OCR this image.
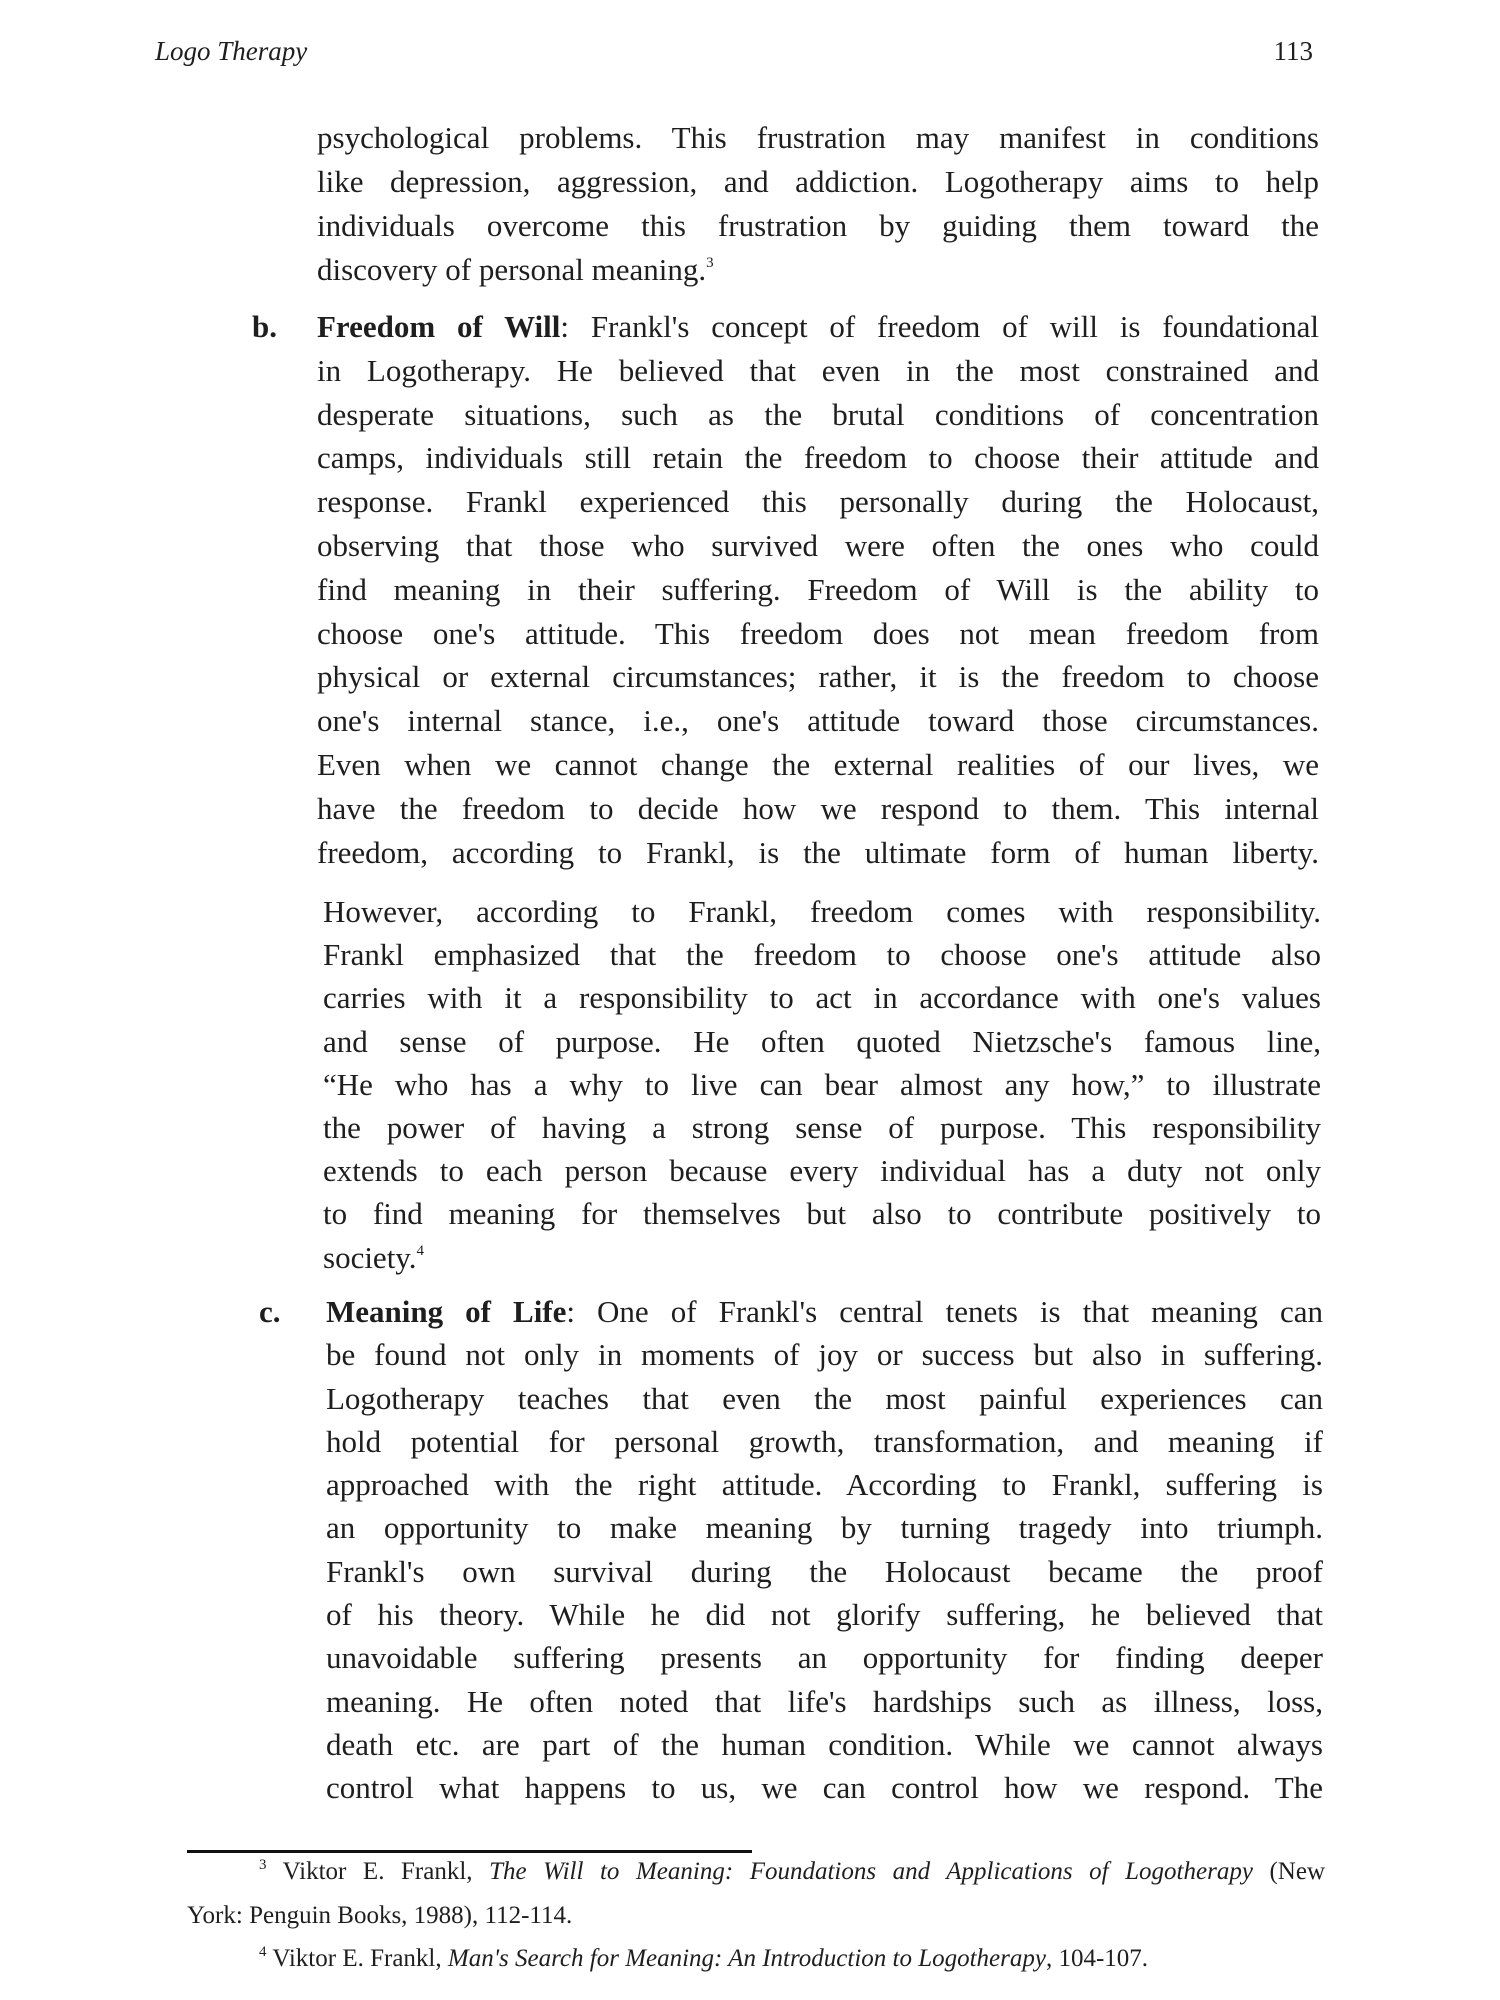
Logo Therapy	113
psychological problems. This frustration may manifest in conditions
like depression, aggression, and addiction. Logotherapy aims to help
individuals overcome this frustration by guiding them toward the
discovery of personal meaning.$^3$
b. Freedom of Will: Frankl's concept of freedom of will is foundational
in Logotherapy. He believed that even in the most constrained and
desperate situations, such as the brutal conditions of concentration
camps, individuals still retain the freedom to choose their attitude and
response. Frankl experienced this personally during the Holocaust,
observing that those who survived were often the ones who could
find meaning in their suffering. Freedom of Will is the ability to
choose one's attitude. This freedom does not mean freedom from
physical or external circumstances; rather, it is the freedom to choose
one's internal stance, i.e., one's attitude toward those circumstances.
Even when we cannot change the external realities of our lives, we
have the freedom to decide how we respond to them. This internal
freedom, according to Frankl, is the ultimate form of human liberty.
However, according to Frankl, freedom comes with responsibility.
Frankl emphasized that the freedom to choose one's attitude also
carries with it a responsibility to act in accordance with one's values
and sense of purpose. He often quoted Nietzsche's famous line,
“He who has a why to live can bear almost any how,” to illustrate
the power of having a strong sense of purpose. This responsibility
extends to each person because every individual has a duty not only
to find meaning for themselves but also to contribute positively to
society.$^4$
c. Meaning of Life: One of Frankl's central tenets is that meaning can
be found not only in moments of joy or success but also in suffering.
Logotherapy teaches that even the most painful experiences can
hold potential for personal growth, transformation, and meaning if
approached with the right attitude. According to Frankl, suffering is
an opportunity to make meaning by turning tragedy into triumph.
Frankl's own survival during the Holocaust became the proof
of his theory. While he did not glorify suffering, he believed that
unavoidable suffering presents an opportunity for finding deeper
meaning. He often noted that life's hardships such as illness, loss,
death etc. are part of the human condition. While we cannot always
control what happens to us, we can control how we respond. The
$^3$ Viktor E. Frankl, The Will to Meaning: Foundations and Applications of Logotherapy (New
York: Penguin Books, 1988), 112-114.
$^4$ Viktor E. Frankl, Man's Search for Meaning: An Introduction to Logotherapy, 104-107.
